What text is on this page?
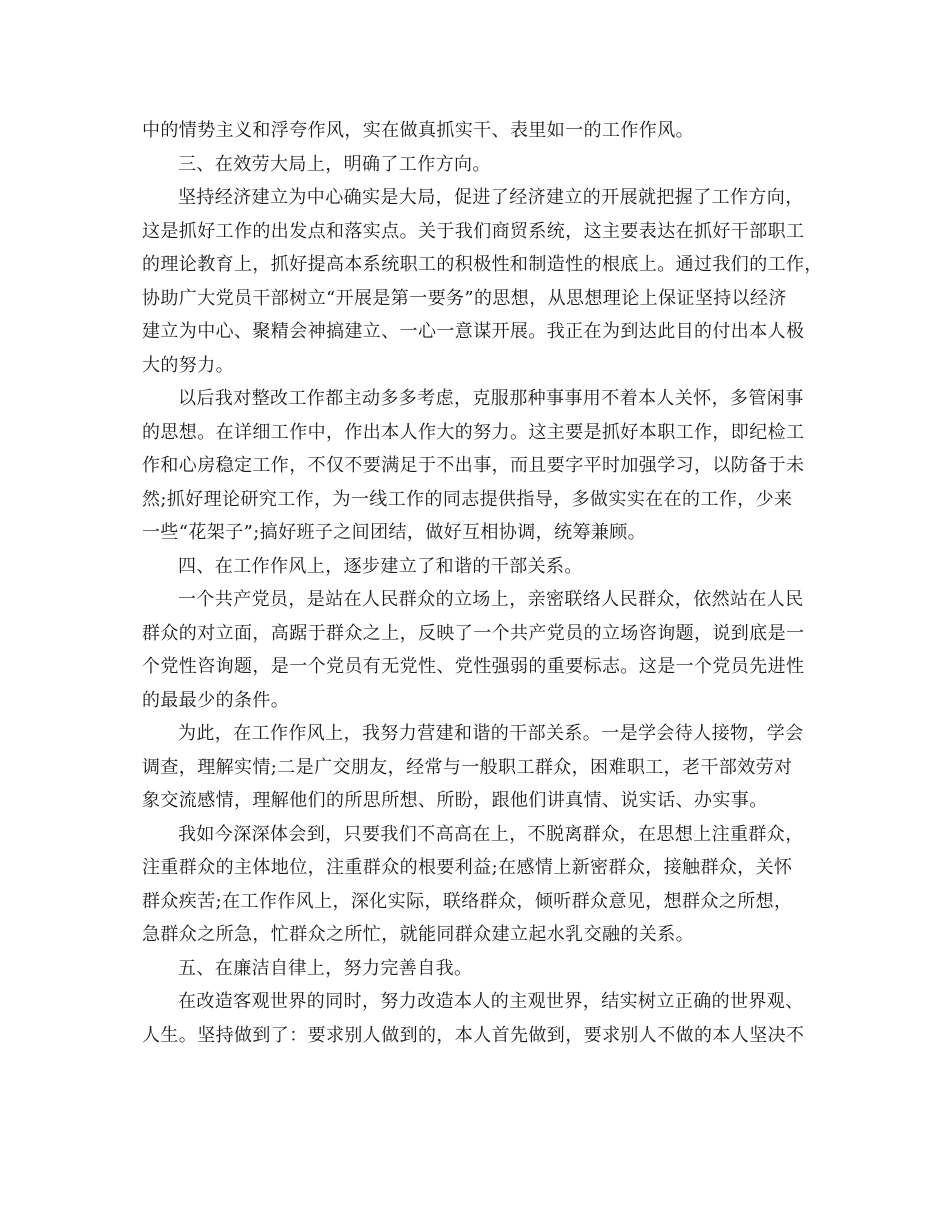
中的情势主义和浮夸作风，实在做真抓实干、表里如一的工作作风。
三、在效劳大局上，明确了工作方向。
坚持经济建立为中心确实是大局，促进了经济建立的开展就把握了工作方向，
这是抓好工作的出发点和落实点。关于我们商贸系统，这主要表达在抓好干部职工
的理论教育上，抓好提高本系统职工的积极性和制造性的根底上。通过我们的工作，
协助广大党员干部树立“开展是第一要务”的思想，从思想理论上保证坚持以经济
建立为中心、聚精会神搞建立、一心一意谋开展。我正在为到达此目的付出本人极
大的努力。
以后我对整改工作都主动多多考虑，克服那种事事用不着本人关怀，多管闲事
的思想。在详细工作中，作出本人作大的努力。这主要是抓好本职工作，即纪检工
作和心房稳定工作，不仅不要满足于不出事，而且要字平时加强学习，以防备于未
然;抓好理论研究工作，为一线工作的同志提供指导，多做实实在在的工作，少来
一些“花架子”;搞好班子之间团结，做好互相协调，统筹兼顾。
四、在工作作风上，逐步建立了和谐的干部关系。
一个共产党员，是站在人民群众的立场上，亲密联络人民群众，依然站在人民
群众的对立面，高踞于群众之上，反映了一个共产党员的立场咨询题，说到底是一
个党性咨询题，是一个党员有无党性、党性强弱的重要标志。这是一个党员先进性
的最最少的条件。
为此，在工作作风上，我努力营建和谐的干部关系。一是学会待人接物，学会
调查，理解实情;二是广交朋友，经常与一般职工群众，困难职工，老干部效劳对
象交流感情，理解他们的所思所想、所盼，跟他们讲真情、说实话、办实事。
我如今深深体会到，只要我们不高高在上，不脱离群众，在思想上注重群众，
注重群众的主体地位，注重群众的根要利益;在感情上新密群众，接触群众，关怀
群众疾苦;在工作作风上，深化实际，联络群众，倾听群众意见，想群众之所想，
急群众之所急，忙群众之所忙，就能同群众建立起水乳交融的关系。
五、在廉洁自律上，努力完善自我。
在改造客观世界的同时，努力改造本人的主观世界，结实树立正确的世界观、
人生。坚持做到了：要求别人做到的，本人首先做到，要求别人不做的本人坚决不
